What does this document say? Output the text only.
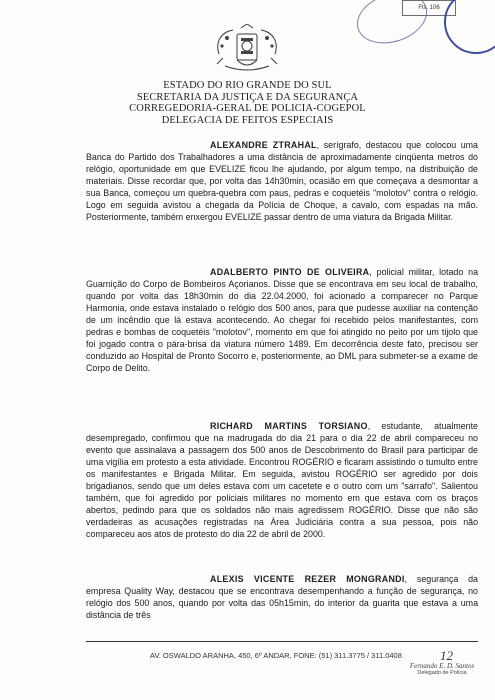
Fls. 106
ESTADO DO RIO GRANDE DO SUL
SECRETARIA DA JUSTIÇA E DA SEGURANÇA
CORREGEDORIA-GERAL DE POLICIA-COGEPOL
DELEGACIA DE FEITOS ESPECIAIS

ALEXANDRE ZTRAHAL, serígrafo, destacou que colocou uma Banca do Partido dos Trabalhadores a uma distância de aproximadamente cinqüenta metros do relógio, oportunidade em que EVELIZE ficou lhe ajudando, por algum tempo, na distribuição de materiais. Disse recordar que, por volta das 14h30min, ocasião em que começava a desmontar a sua Banca, começou um quebra-quebra com paus, pedras e coquetéis "molotov" contra o relógio. Logo em seguida avistou a chegada da Polícia de Choque, a cavalo, com espadas na mão. Posteriormente, também enxergou EVELIZE passar dentro de uma viatura da Brigada Militar.

ADALBERTO PINTO DE OLIVEIRA, policial militar, lotado na Guarnição do Corpo de Bombeiros Açorianos. Disse que se encontrava em seu local de trabalho, quando por volta das 18h30min do dia 22.04.2000, foi acionado a comparecer no Parque Harmonia, onde estava instalado o relógio dos 500 anos, para que pudesse auxiliar na contenção de um incêndio que lá estava acontecendo. Ao chegar foi recebido pelos manifestantes, com pedras e bombas de coquetéis "molotov", momento em que foi atingido no peito por um tijolo que foi jogado contra o pára-brisa da viatura número 1489. Em decorrência deste fato, precisou ser conduzido ao Hospital de Pronto Socorro e, posteriormente, ao DML para submeter-se a exame de Corpo de Delito.

RICHARD MARTINS TORSIANO, estudante, atualmente desempregado, confirmou que na madrugada do dia 21 para o dia 22 de abril compareceu no evento que assinalava a passagem dos 500 anos de Descobrimento do Brasil para participar de uma vigília em protesto a esta atividade. Encontrou ROGÉRIO e ficaram assistindo o tumulto entre os manifestantes e Brigada Militar. Em seguida, avistou ROGÉRIO ser agredido por dois brigadianos, sendo que um deles estava com um cacetete e o outro com um "sarrafo". Salientou também, que foi agredido por policiais militares no momento em que estava com os braços abertos, pedindo para que os soldados não mais agredissem ROGÉRIO. Disse que não são verdadeiras as acusações registradas na Área Judiciária contra a sua pessoa, pois não compareceu aos atos de protesto do dia 22 de abril de 2000.

ALEXIS VICENTE REZER MONGRANDI, segurança da empresa Quality Way, destacou que se encontrava desempenhando a função de segurança, no relógio dos 500 anos, quando por volta das 05h15min, do interior da guarita que estava a uma distância de três

AV. OSWALDO ARANHA, 450, 6º ANDAR, FONE: (51) 311.3775 / 311.0408	12
Fernando E. D. Santos
Delegado de Polícia
